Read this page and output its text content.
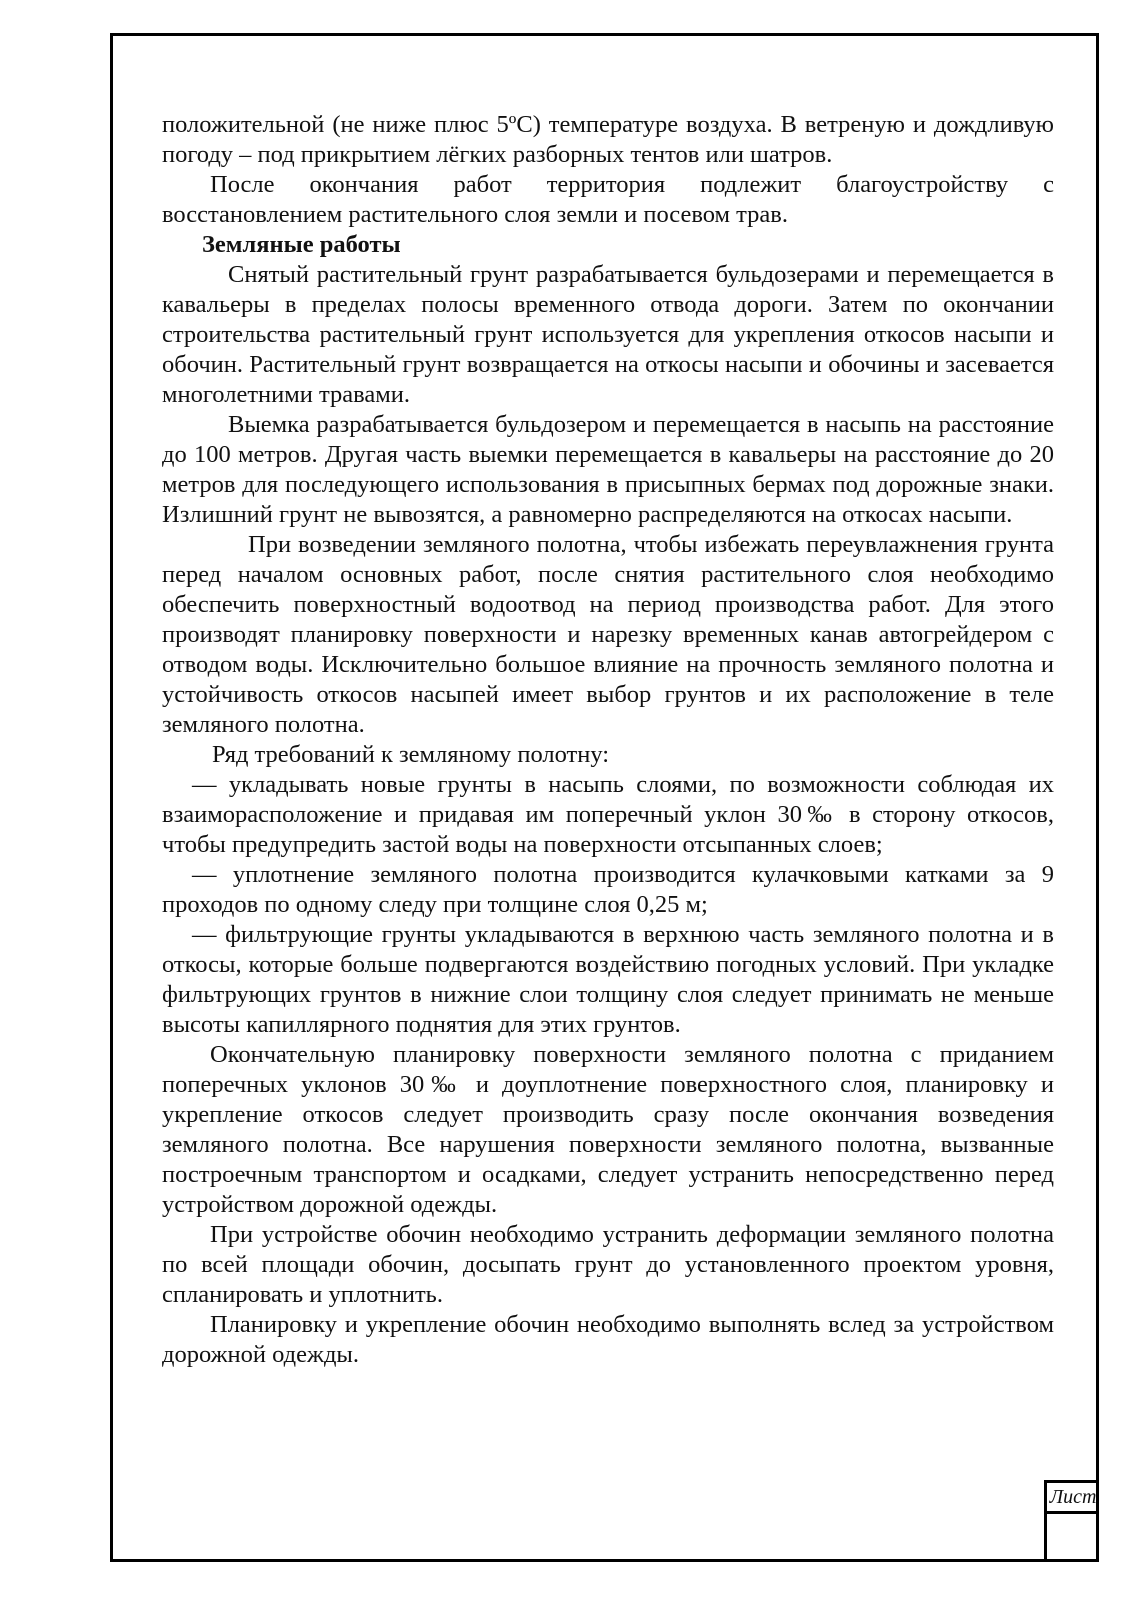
положительной (не ниже плюс 5ºС) температуре воздуха. В ветреную и дождливую погоду – под прикрытием лёгких разборных тентов или шатров.

После окончания работ территория подлежит благоустройству с восстановлением растительного слоя земли и посевом трав.

Земляные работы

Снятый растительный грунт разрабатывается бульдозерами и перемещается в кавальеры в пределах полосы временного отвода дороги. Затем по окончании строительства растительный грунт используется для укрепления откосов насыпи и обочин. Растительный грунт возвращается на откосы насыпи и обочины и засевается многолетними травами.

Выемка разрабатывается бульдозером и перемещается в насыпь на расстояние до 100 метров. Другая часть выемки перемещается в кавальеры на расстояние до 20 метров для последующего использования в присыпных бермах под дорожные знаки. Излишний грунт не вывозятся, а равномерно распределяются на откосах насыпи.

При возведении земляного полотна, чтобы избежать переувлажнения грунта перед началом основных работ, после снятия растительного слоя необходимо обеспечить поверхностный водоотвод на период производства работ. Для этого производят планировку поверхности и нарезку временных канав автогрейдером с отводом воды. Исключительно большое влияние на прочность земляного полотна и устойчивость откосов насыпей имеет выбор грунтов и их расположение в теле земляного полотна.

Ряд требований к земляному полотну:

— укладывать новые грунты в насыпь слоями, по возможности соблюдая их взаиморасположение и придавая им поперечный уклон 30‰ в сторону откосов, чтобы предупредить застой воды на поверхности отсыпанных слоев;

— уплотнение земляного полотна производится кулачковыми катками за 9 проходов по одному следу при толщине слоя 0,25 м;

— фильтрующие грунты укладываются в верхнюю часть земляного полотна и в откосы, которые больше подвергаются воздействию погодных условий. При укладке фильтрующих грунтов в нижние слои толщину слоя следует принимать не меньше высоты капиллярного поднятия для этих грунтов.

Окончательную планировку поверхности земляного полотна с приданием поперечных уклонов 30‰ и доуплотнение поверхностного слоя, планировку и укрепление откосов следует производить сразу после окончания возведения земляного полотна. Все нарушения поверхности земляного полотна, вызванные построечным транспортом и осадками, следует устранить непосредственно перед устройством дорожной одежды.

При устройстве обочин необходимо устранить деформации земляного полотна по всей площади обочин, досыпать грунт до установленного проектом уровня, спланировать и уплотнить.

Планировку и укрепление обочин необходимо выполнять вслед за устройством дорожной одежды.

Лист
